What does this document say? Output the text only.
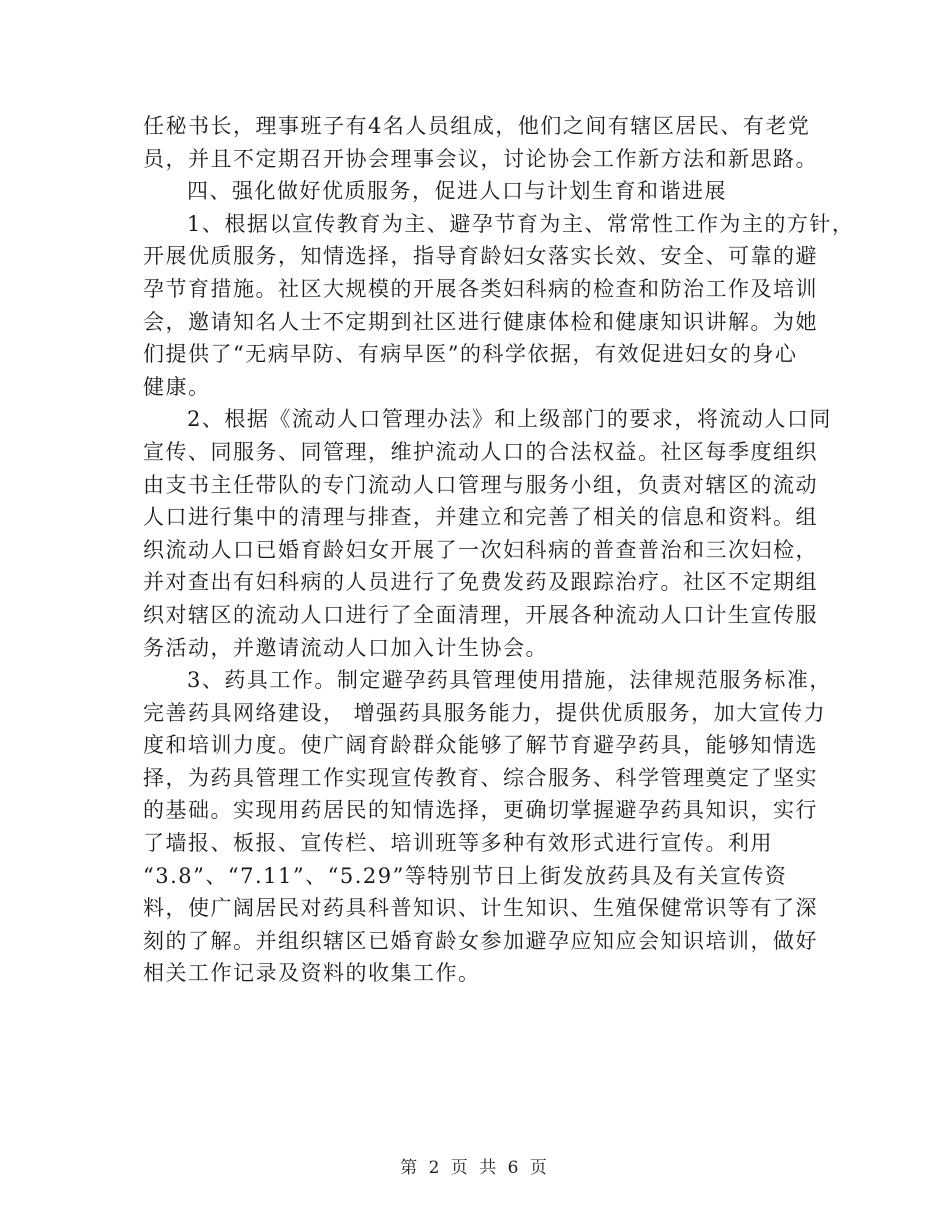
任秘书长，理事班子有4名人员组成，他们之间有辖区居民、有老党
员，并且不定期召开协会理事会议，讨论协会工作新方法和新思路。
四、强化做好优质服务，促进人口与计划生育和谐进展
1、根据以宣传教育为主、避孕节育为主、常常性工作为主的方针，
开展优质服务，知情选择，指导育龄妇女落实长效、安全、可靠的避
孕节育措施。社区大规模的开展各类妇科病的检查和防治工作及培训
会，邀请知名人士不定期到社区进行健康体检和健康知识讲解。为她
们提供了“无病早防、有病早医”的科学依据，有效促进妇女的身心
健康。
2、根据《流动人口管理办法》和上级部门的要求，将流动人口同
宣传、同服务、同管理，维护流动人口的合法权益。社区每季度组织
由支书主任带队的专门流动人口管理与服务小组，负责对辖区的流动
人口进行集中的清理与排查，并建立和完善了相关的信息和资料。组
织流动人口已婚育龄妇女开展了一次妇科病的普查普治和三次妇检，
并对查出有妇科病的人员进行了免费发药及跟踪治疗。社区不定期组
织对辖区的流动人口进行了全面清理，开展各种流动人口计生宣传服
务活动，并邀请流动人口加入计生协会。
3、药具工作。制定避孕药具管理使用措施，法律规范服务标准，
完善药具网络建设， 增强药具服务能力，提供优质服务，加大宣传力
度和培训力度。使广阔育龄群众能够了解节育避孕药具，能够知情选
择，为药具管理工作实现宣传教育、综合服务、科学管理奠定了坚实
的基础。实现用药居民的知情选择，更确切掌握避孕药具知识，实行
了墙报、板报、宣传栏、培训班等多种有效形式进行宣传。利用
“3.8”、“7.11”、“5.29”等特别节日上街发放药具及有关宣传资
料，使广阔居民对药具科普知识、计生知识、生殖保健常识等有了深
刻的了解。并组织辖区已婚育龄女参加避孕应知应会知识培训，做好
相关工作记录及资料的收集工作。
第 2 页 共 6 页
